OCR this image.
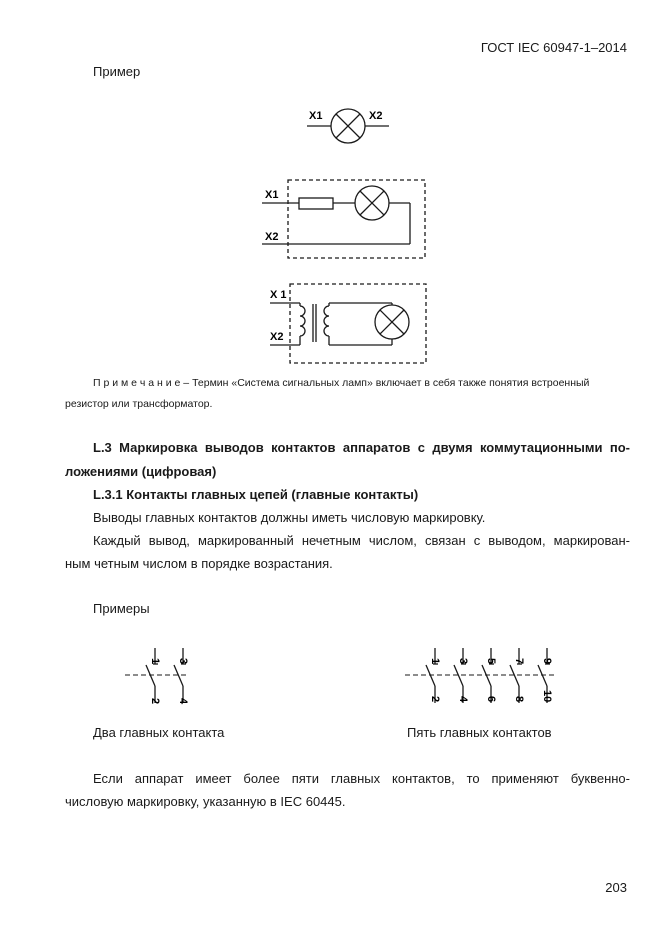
ГОСТ IEC 60947-1–2014

Пример

X1	X2
X1
X2
X 1
X2

П р и м е ч а н и е – Термин «Система сигнальных ламп» включает в себя также понятия встроенный

резистор или трансформатор.

L.3 Маркировка выводов контактов аппаратов с двумя коммутационными по-

ложениями (цифровая)

L.3.1 Контакты главных цепей (главные контакты)

Выводы главных контактов должны иметь числовую маркировку.

Каждый вывод, маркированный нечетным числом, связан с выводом, маркирован-

ным четным числом в порядке возрастания.

Примеры

1 3
2 4
1 3 5 7 9
2 4 6 8 10

Два главных контакта	Пять главных контактов

Если аппарат имеет более пяти главных контактов, то применяют буквенно-

числовую маркировку, указанную в IEC 60445.

203
